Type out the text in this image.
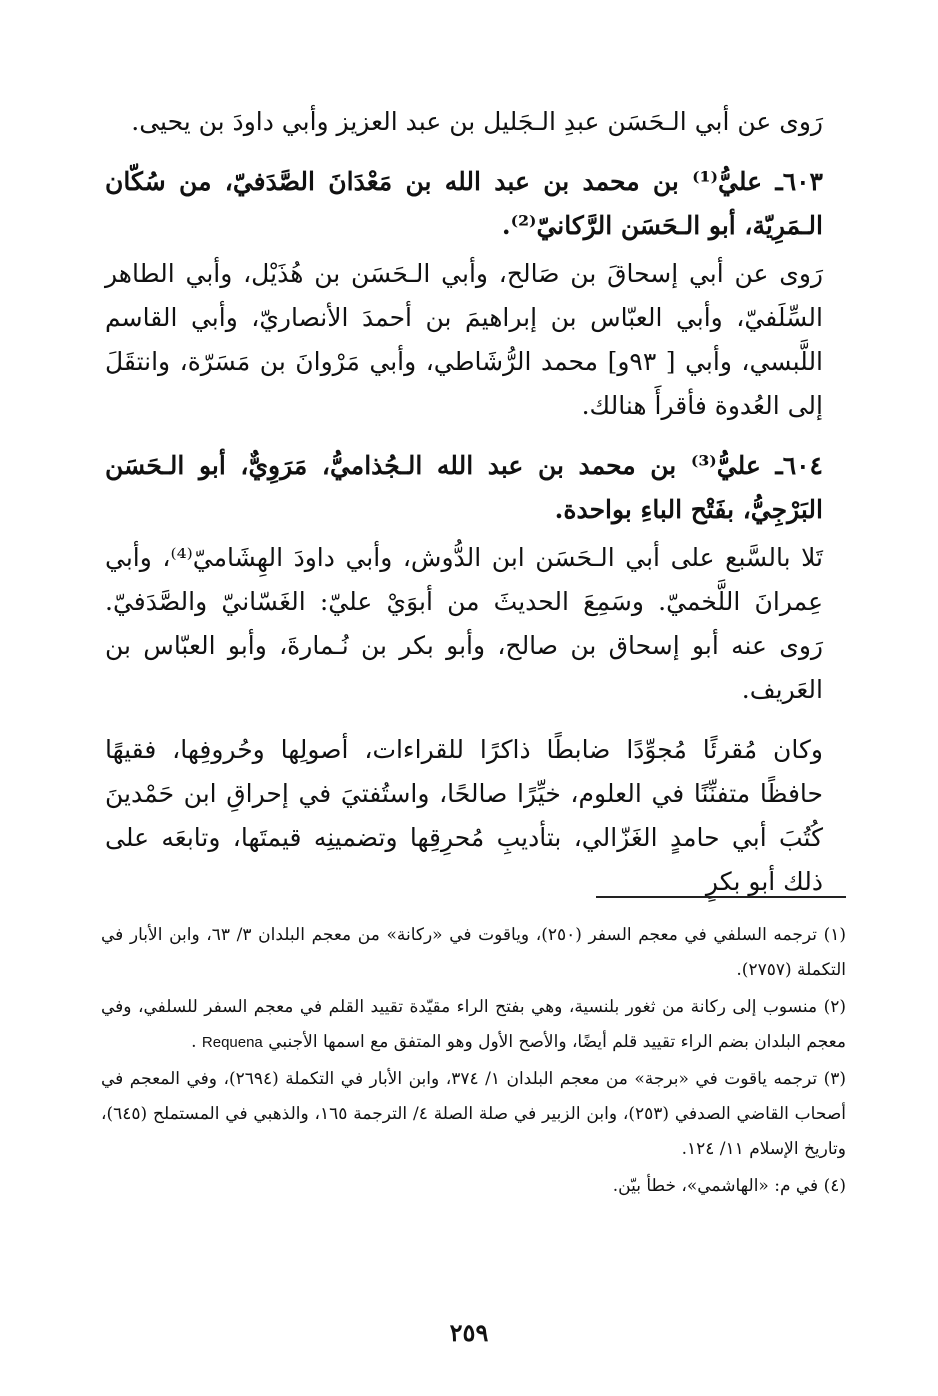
رَوى عن أبي الـحَسَن عبدِ الـجَليل بن عبد العزيز وأبي داودَ بن يحيى.

٦٠٣ـ عليُّ⁽¹⁾ بن محمد بن عبد الله بن مَعْدَانَ الصَّدَفيّ، من سُكّان الـمَرِيّة، أبو الـحَسَن الرَّكانيّ⁽²⁾.

رَوى عن أبي إسحاقَ بن صَالح، وأبي الـحَسَن بن هُذَيْل، وأبي الطاهر السِّلَفيّ، وأبي العبّاس بن إبراهيمَ بن أحمدَ الأنصاريّ، وأبي القاسم اللَّبسي، وأبي [ ٩٣و] محمد الرُّشَاطي، وأبي مَرْوانَ بن مَسَرّة، وانتقَلَ إلى العُدوة فأقرأَ هنالك.

٦٠٤ـ عليُّ⁽³⁾ بن محمد بن عبد الله الـجُذاميُّ، مَرَوِيٌّ، أبو الـحَسَن البَرْجِيُّ، بفَتْح الباءِ بواحدة.

تَلا بالسَّبع على أبي الـحَسَن ابن الدُّوش، وأبي داودَ الهِشَاميّ⁽⁴⁾، وأبي عِمرانَ اللَّخميّ. وسَمِعَ الحديثَ من أبوَيْ عليّ: الغَسّانيّ والصَّدَفيّ. رَوى عنه أبو إسحاق بن صالح، وأبو بكر بن نُـمارةَ، وأبو العبّاس بن العَريف.

وكان مُقرئًا مُجوِّدًا ضابطًا ذاكرًا للقراءات، أصولِها وحُروفِها، فقيهًا حافظًا متفنِّنًا في العلوم، خيِّرًا صالحًا، واستُفتيَ في إحراقِ ابن حَمْدينَ كُتُبَ أبي حامدٍ الغَزّالي، بتأديبِ مُحرِقِها وتضمينِه قيمتَها، وتابعَه على ذلك أبو بكرٍ

(١) ترجمه السلفي في معجم السفر (٢٥٠)، وياقوت في «ركانة» من معجم البلدان ٣/ ٦٣، وابن الأبار في التكملة (٢٧٥٧).

(٢) منسوب إلى ركانة من ثغور بلنسية، وهي بفتح الراء مقيّدة تقييد القلم في معجم السفر للسلفي، وفي معجم البلدان بضم الراء تقييد قلم أيضًا، والأصح الأول وهو المتفق مع اسمها الأجنبي Requena .

(٣) ترجمه ياقوت في «برجة» من معجم البلدان ١/ ٣٧٤، وابن الأبار في التكملة (٢٦٩٤)، وفي المعجم في أصحاب القاضي الصدفي (٢٥٣)، وابن الزبير في صلة الصلة ٤/ الترجمة ١٦٥، والذهبي في المستملح (٦٤٥)، وتاريخ الإسلام ١١/ ١٢٤.

(٤) في م: «الهاشمي»، خطأ بيّن.

٢٥٩
